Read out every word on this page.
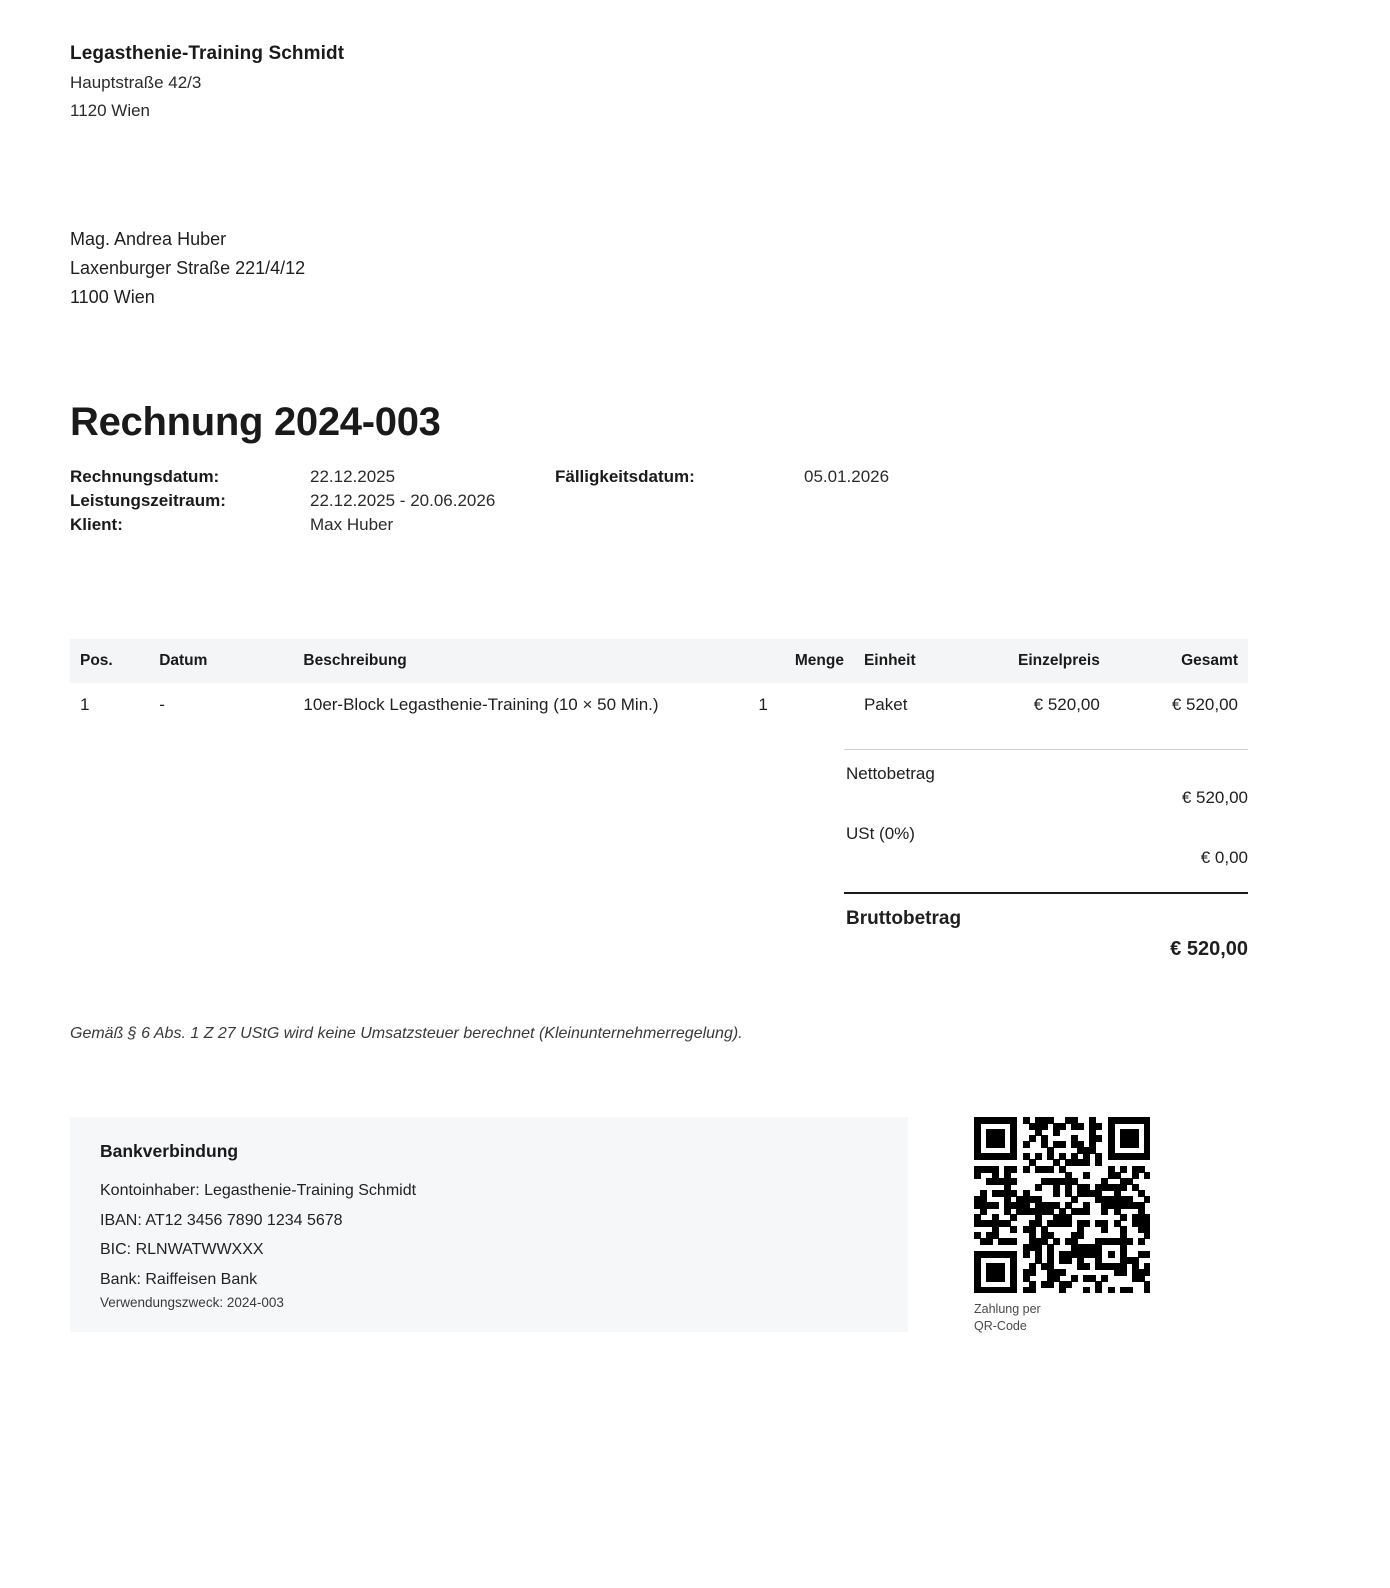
Legasthenie-Training Schmidt
Hauptstraße 42/3
1120 Wien
Mag. Andrea Huber
Laxenburger Straße 221/4/12
1100 Wien
Rechnung 2024-003
Rechnungsdatum:	22.12.2025	Fälligkeitsdatum:	05.01.2026
Leistungszeitraum:	22.12.2025 - 20.06.2026
Klient:	Max Huber
Pos.	Datum	Beschreibung	Menge	Einheit	Einzelpreis	Gesamt
1	-	10er-Block Legasthenie-Training (10 × 50 Min.)	1	Paket	€ 520,00	€ 520,00
Nettobetrag
€ 520,00
USt (0%)
€ 0,00
Bruttobetrag
€ 520,00
Gemäß § 6 Abs. 1 Z 27 UStG wird keine Umsatzsteuer berechnet (Kleinunternehmerregelung).
Bankverbindung
Kontoinhaber: Legasthenie-Training Schmidt
IBAN: AT12 3456 7890 1234 5678
BIC: RLNWATWWXXX
Bank: Raiffeisen Bank
Verwendungszweck: 2024-003	Zahlung per
QR-Code
